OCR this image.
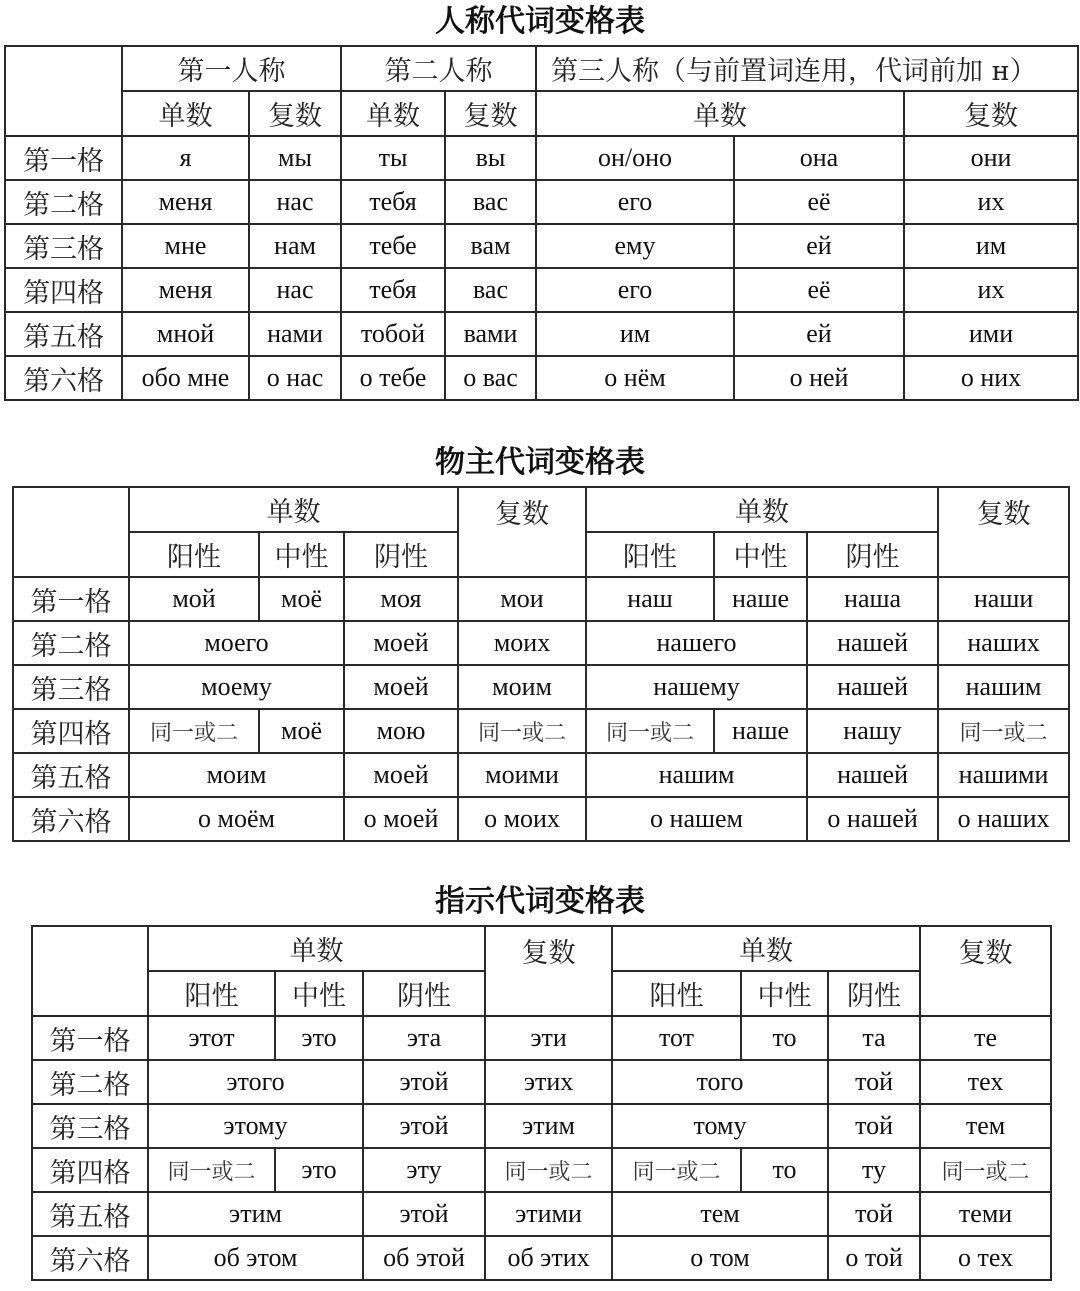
人称代词变格表
	第一人称		第二人称		第三人称（与前置词连用，代词前加 н）		
	单数	复数	单数	复数	单数		复数
第一格	я	мы	ты	вы	он/оно	она	они
第二格	меня	нас	тебя	вас	его	её	их
第三格	мне	нам	тебе	вам	ему	ей	им
第四格	меня	нас	тебя	вас	его	её	их
第五格	мной	нами	тобой	вами	им	ей	ими
第六格	обо мне	о нас	о тебе	о вас	о нём	о ней	о них
物主代词变格表
	单数			复数	单数			复数
	阳性	中性	阴性		阳性	中性	阴性	
第一格	мой	моё	моя	мои	наш	наше	наша	наши
第二格	моего		моей	моих	нашего		нашей	наших
第三格	моему		моей	моим	нашему		нашей	нашим
第四格	同一或二	моё	мою	同一或二	同一或二	наше	нашу	同一或二
第五格	моим		моей	моими	нашим		нашей	нашими
第六格	о моём		о моей	о моих	о нашем		о нашей	о наших
指示代词变格表
	单数			复数	单数			复数
	阳性	中性	阴性		阳性	中性	阴性	
第一格	этот	это	эта	эти	тот	то	та	те
第二格	этого		этой	этих	того		той	тех
第三格	этому		этой	этим	тому		той	тем
第四格	同一或二	это	эту	同一或二	同一或二	то	ту	同一或二
第五格	этим		этой	этими	тем		той	теми
第六格	об этом		об этой	об этих	о том		о той	о тех
